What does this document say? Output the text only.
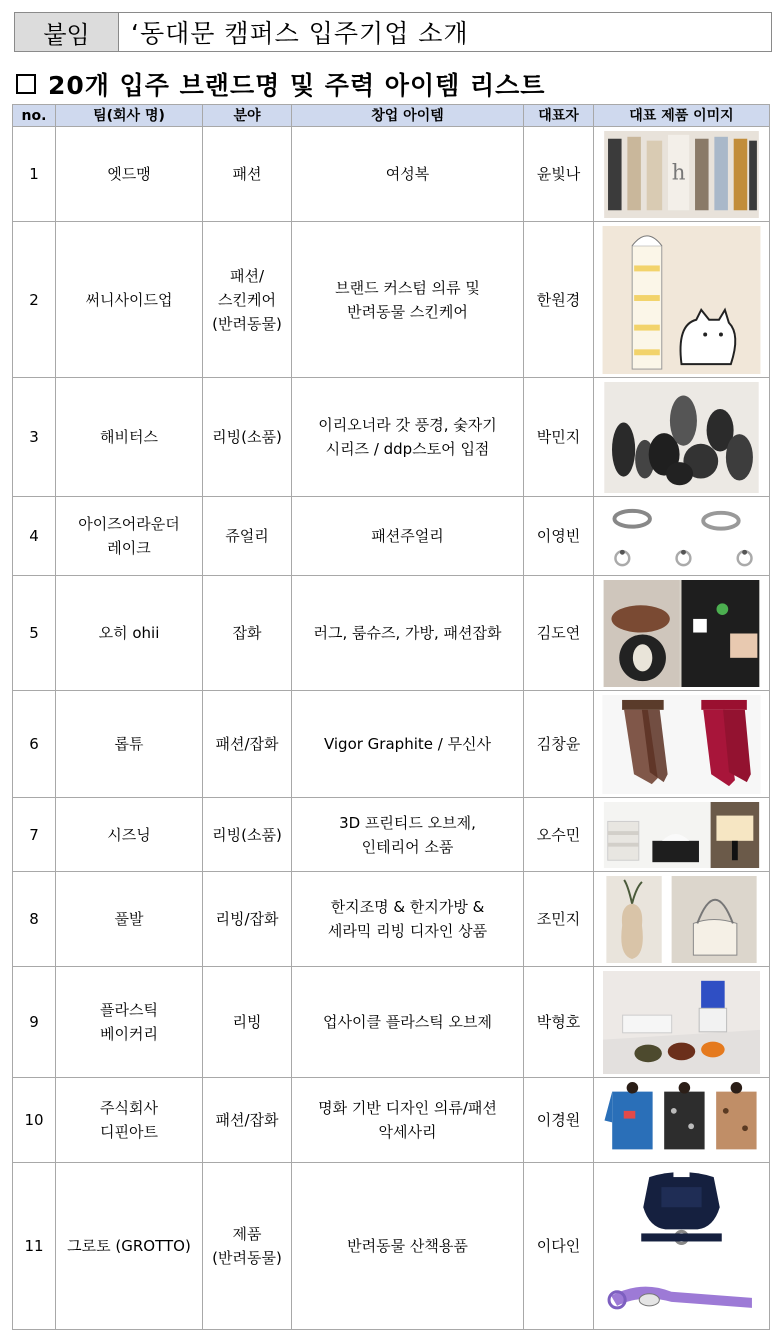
붙임	‘동대문 캠퍼스 입주기업 소개
20개 입주 브랜드명 및 주력 아이템 리스트
no.	팀(회사 명)	분야	창업 아이템	대표자	대표 제품 이미지

1	엣드맹	패션	여성복	윤빛나	h

2	써니사이드업	패션/
스킨케어
(반려동물)	브랜드 커스텀 의류 및
반려동물 스킨케어	한원경

3	해비터스	리빙(소품)	이리오너라 갓 풍경, 숯자기
시리즈 / ddp스토어 입점	박민지

4	아이즈어라운더
레이크	쥬얼리	패션주얼리	이영빈

5	오히 ohii	잡화	러그, 룸슈즈, 가방, 패션잡화	김도연

6	롭튜	패션/잡화	Vigor Graphite / 무신사	김창윤

7	시즈닝	리빙(소품)	3D 프린티드 오브제,
인테리어 소품	오수민

8	풀발	리빙/잡화	한지조명 & 한지가방 &
세라믹 리빙 디자인 상품	조민지

9	플라스틱
베이커리	리빙	업사이클 플라스틱 오브제	박형호

10	주식회사
디핀아트	패션/잡화	명화 기반 디자인 의류/패션
악세사리	이경원

11	그로토 (GROTTO)	제품
(반려동물)	반려동물 산책용품	이다인
